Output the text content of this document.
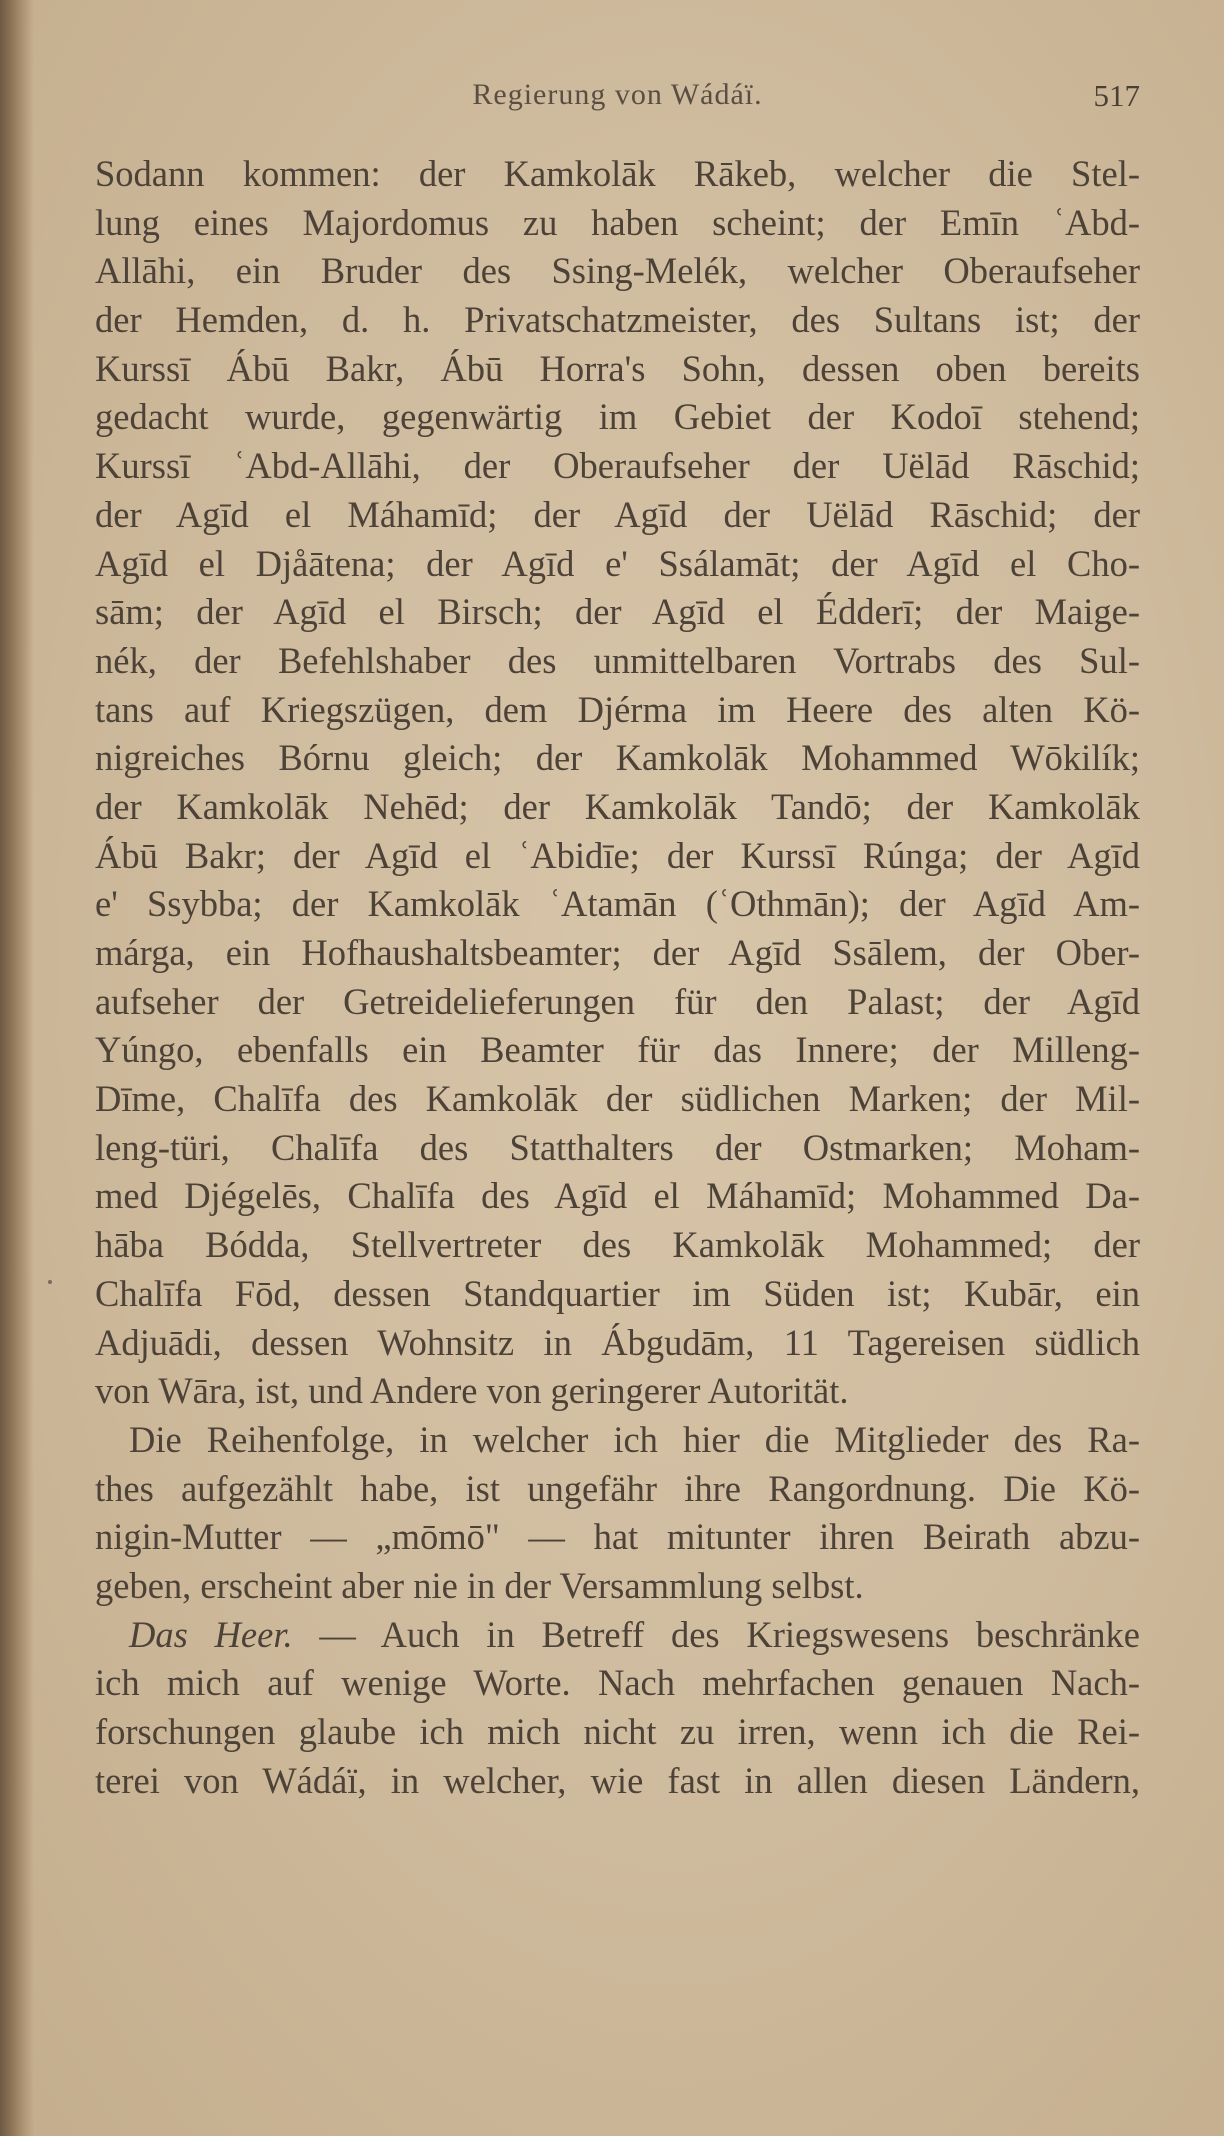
Regierung von Wádáï.	517
Sodann kommen: der Kamkolāk Rākeb, welcher die Stel-
lung eines Majordomus zu haben scheint; der Emīn ʿAbd-
Allāhi, ein Bruder des Ssing-Melék, welcher Oberaufseher
der Hemden, d. h. Privatschatzmeister, des Sultans ist; der
Kurssī Ábū Bakr, Ábū Horra's Sohn, dessen oben bereits
gedacht wurde, gegenwärtig im Gebiet der Kodoī stehend;
Kurssī ʿAbd-Allāhi, der Oberaufseher der Uëlād Rāschid;
der Agīd el Máhamīd; der Agīd der Uëlād Rāschid; der
Agīd el Djåātena; der Agīd e' Ssálamāt; der Agīd el Cho-
sām; der Agīd el Birsch; der Agīd el Édderī; der Maige-
nék, der Befehlshaber des unmittelbaren Vortrabs des Sul-
tans auf Kriegszügen, dem Djérma im Heere des alten Kö-
nigreiches Bórnu gleich; der Kamkolāk Mohammed Wōkilík;
der Kamkolāk Nehēd; der Kamkolāk Tandō; der Kamkolāk
Ábū Bakr; der Agīd el ʿAbidīe; der Kurssī Rúnga; der Agīd
e' Ssybba; der Kamkolāk ʿAtamān (ʿOthmān); der Agīd Am-
márga, ein Hofhaushaltsbeamter; der Agīd Ssālem, der Ober-
aufseher der Getreidelieferungen für den Palast; der Agīd
Yúngo, ebenfalls ein Beamter für das Innere; der Milleng-
Dīme, Chalīfa des Kamkolāk der südlichen Marken; der Mil-
leng-türi, Chalīfa des Statthalters der Ostmarken; Moham-
med Djégelēs, Chalīfa des Agīd el Máhamīd; Mohammed Da-
hāba Bódda, Stellvertreter des Kamkolāk Mohammed; der
Chalīfa Fōd, dessen Standquartier im Süden ist; Kubār, ein
Adjuādi, dessen Wohnsitz in Ábgudām, 11 Tagereisen südlich
von Wāra, ist, und Andere von geringerer Autorität.
Die Reihenfolge, in welcher ich hier die Mitglieder des Ra-
thes aufgezählt habe, ist ungefähr ihre Rangordnung. Die Kö-
nigin-Mutter — „mōmō" — hat mitunter ihren Beirath abzu-
geben, erscheint aber nie in der Versammlung selbst.
Das Heer. — Auch in Betreff des Kriegswesens beschränke
ich mich auf wenige Worte. Nach mehrfachen genauen Nach-
forschungen glaube ich mich nicht zu irren, wenn ich die Rei-
terei von Wádáï, in welcher, wie fast in allen diesen Ländern,
